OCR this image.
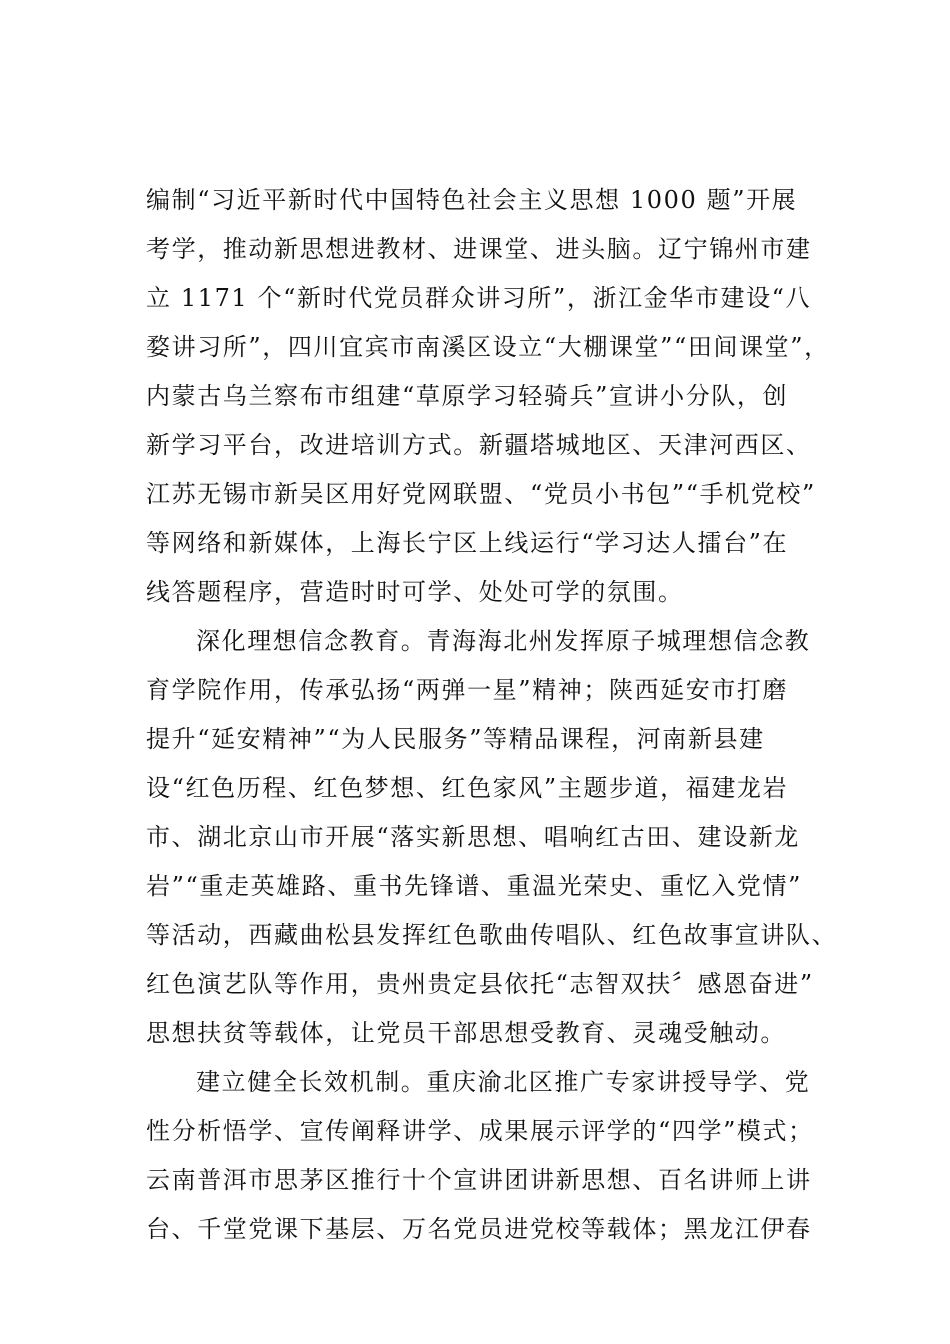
编制“习近平新时代中国特色社会主义思想 1000 题”开展
考学，推动新思想进教材、进课堂、进头脑。辽宁锦州市建
立 1171 个“新时代党员群众讲习所”，浙江金华市建设“八
婺讲习所”，四川宜宾市南溪区设立“大棚课堂”“田间课堂”，
内蒙古乌兰察布市组建“草原学习轻骑兵”宣讲小分队，创
新学习平台，改进培训方式。新疆塔城地区、天津河西区、
江苏无锡市新吴区用好党网联盟、“党员小书包”“手机党校”
等网络和新媒体，上海长宁区上线运行“学习达人擂台”在
线答题程序，营造时时可学、处处可学的氛围。
深化理想信念教育。青海海北州发挥原子城理想信念教
育学院作用，传承弘扬“两弹一星”精神；陕西延安市打磨
提升“延安精神”“为人民服务”等精品课程，河南新县建
设“红色历程、红色梦想、红色家风”主题步道，福建龙岩
市、湖北京山市开展“落实新思想、唱响红古田、建设新龙
岩”“重走英雄路、重书先锋谱、重温光荣史、重忆入党情”
等活动，西藏曲松县发挥红色歌曲传唱队、红色故事宣讲队、
红色演艺队等作用，贵州贵定县依托“志智双扶〞感恩奋进”
思想扶贫等载体，让党员干部思想受教育、灵魂受触动。
建立健全长效机制。重庆渝北区推广专家讲授导学、党
性分析悟学、宣传阐释讲学、成果展示评学的“四学”模式；
云南普洱市思茅区推行十个宣讲团讲新思想、百名讲师上讲
台、千堂党课下基层、万名党员进党校等载体；黑龙江伊春
